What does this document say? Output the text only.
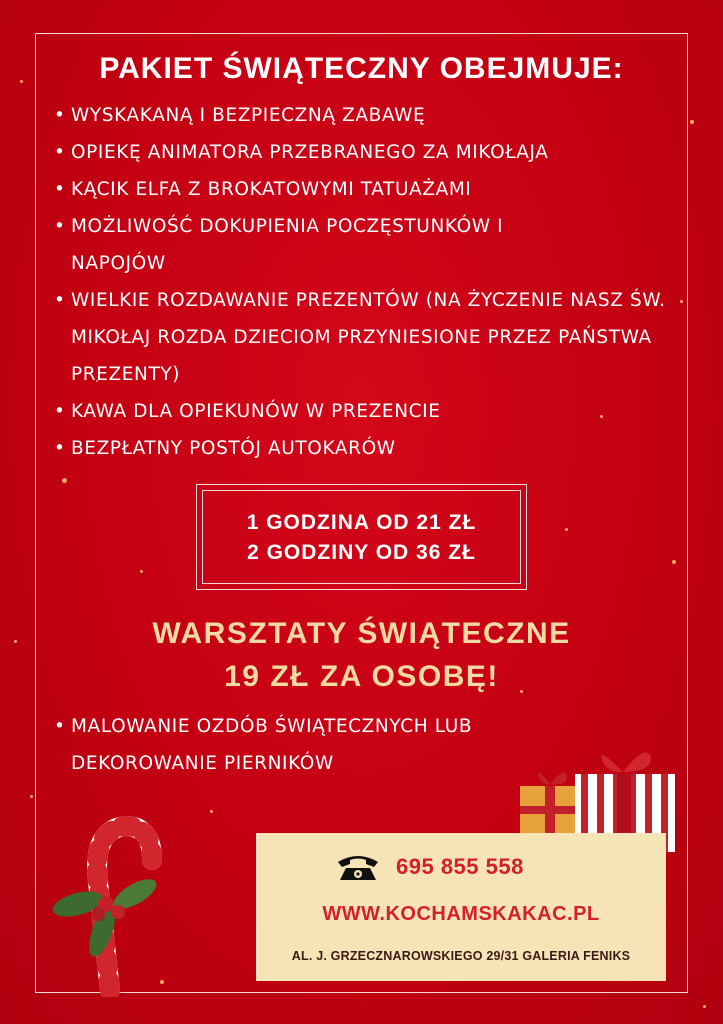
PAKIET ŚWIĄTECZNY OBEJMUJE:
• WYSKAKANĄ I BEZPIECZNĄ ZABAWĘ
• OPIEKĘ ANIMATORA PRZEBRANEGO ZA MIKOŁAJA
• KĄCIK ELFA Z BROKATOWYMI TATUAŻAMI
• MOŻLIWOŚĆ DOKUPIENIA POCZĘSTUNKÓW I NAPOJÓW
• WIELKIE ROZDAWANIE PREZENTÓW (NA ŻYCZENIE NASZ ŚW. MIKOŁAJ ROZDA DZIECIOM PRZYNIESIONE PRZEZ PAŃSTWA PREZENTY)
• KAWA DLA OPIEKUNÓW W PREZENCIE
• BEZPŁATNY POSTÓJ AUTOKARÓW
1 GODZINA OD 21 ZŁ
2 GODZINY OD 36 ZŁ
WARSZTATY ŚWIĄTECZNE
19 ZŁ ZA OSOBĘ!
• MALOWANIE OZDÓB ŚWIĄTECZNYCH LUB DEKOROWANIE PIERNIKÓW
695 855 558
WWW.KOCHAMSKAKAC.PL
AL. J. GRZECZNAROWSKIEGO 29/31 GALERIA FENIKS
